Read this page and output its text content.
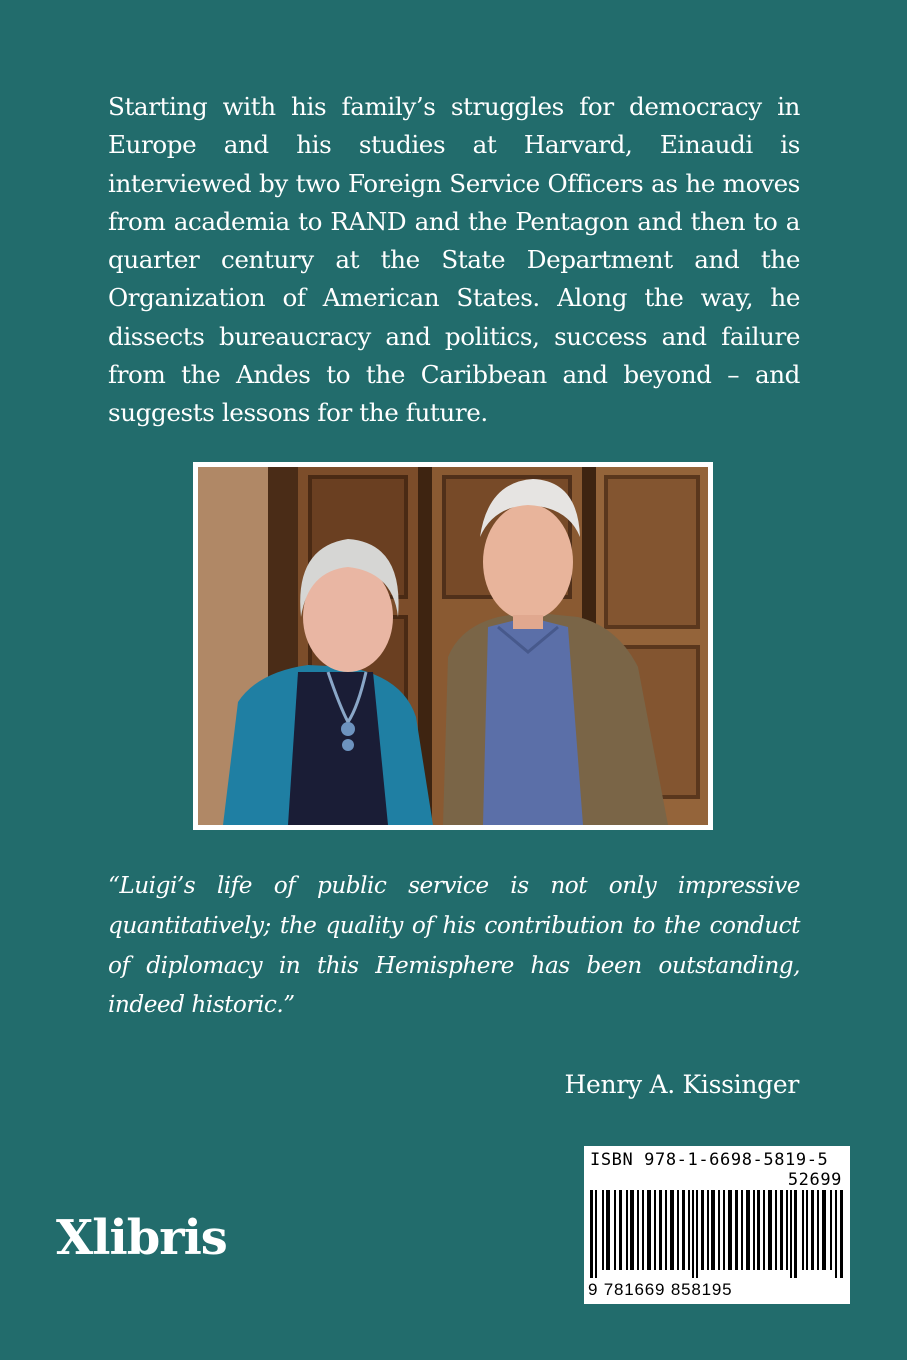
Starting with his family’s struggles for democracy in Europe and his studies at Harvard, Einaudi is interviewed by two Foreign Service Officers as he moves from academia to RAND and the Pentagon and then to a quarter century at the State Department and the Organization of American States. Along the way, he dissects bureaucracy and politics, success and failure from the Andes to the Caribbean and beyond – and suggests lessons for the future.

“Luigi’s life of public service is not only impressive quantitatively; the quality of his contribution to the conduct of diplomacy in this Hemisphere has been outstanding, indeed historic.”

Henry A. Kissinger
Xlibris
ISBN 978-1-6698-5819-5
52699
9 781669 858195
